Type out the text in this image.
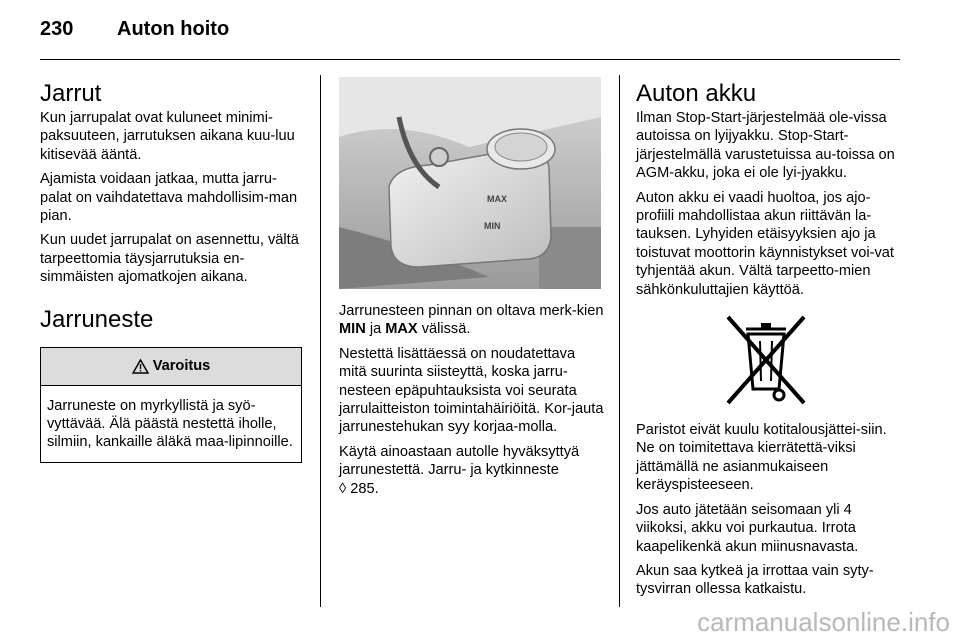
230	Auton hoito
Jarrut

Kun jarrupalat ovat kuluneet minimi-paksuuteen, jarrutuksen aikana kuu-luu kitisevää ääntä.

Ajamista voidaan jatkaa, mutta jarru-palat on vaihdatettava mahdollisim-man pian.

Kun uudet jarrupalat on asennettu, vältä tarpeettomia täysjarrutuksia en-simmäisten ajomatkojen aikana.

Jarruneste
Varoitus
Jarruneste on myrkyllistä ja syö-vyttävää. Älä päästä nestettä iholle, silmiin, kankaille äläkä maa-lipinnoille.
MAX
MIN

Jarrunesteen pinnan on oltava merk-kien MIN ja MAX välissä.

Nestettä lisättäessä on noudatettava mitä suurinta siisteyttä, koska jarru-nesteen epäpuhtauksista voi seurata jarrulaitteiston toimintahäiriöitä. Kor-jauta jarrunestehukan syy korjaa-molla.

Käytä ainoastaan autolle hyväksyttyä jarrunestettä. Jarru- ja kytkinneste
◊ 285.

Auton akku

Ilman Stop-Start-järjestelmää ole-vissa autoissa on lyijyakku. Stop-Start-järjestelmällä varustetuissa au-toissa on AGM-akku, joka ei ole lyi-jyakku.

Auton akku ei vaadi huoltoa, jos ajo-profiili mahdollistaa akun riittävän la-tauksen. Lyhyiden etäisyyksien ajo ja toistuvat moottorin käynnistykset voi-vat tyhjentää akun. Vältä tarpeetto-mien sähkönkuluttajien käyttöä.

Paristot eivät kuulu kotitalousjättei-siin. Ne on toimitettava kierrätettä-viksi jättämällä ne asianmukaiseen keräyspisteeseen.

Jos auto jätetään seisomaan yli 4 viikoksi, akku voi purkautua. Irrota kaapelikenkä akun miinusnavasta.

Akun saa kytkeä ja irrottaa vain syty-tysvirran ollessa katkaistu.

carmanualsonline.info
